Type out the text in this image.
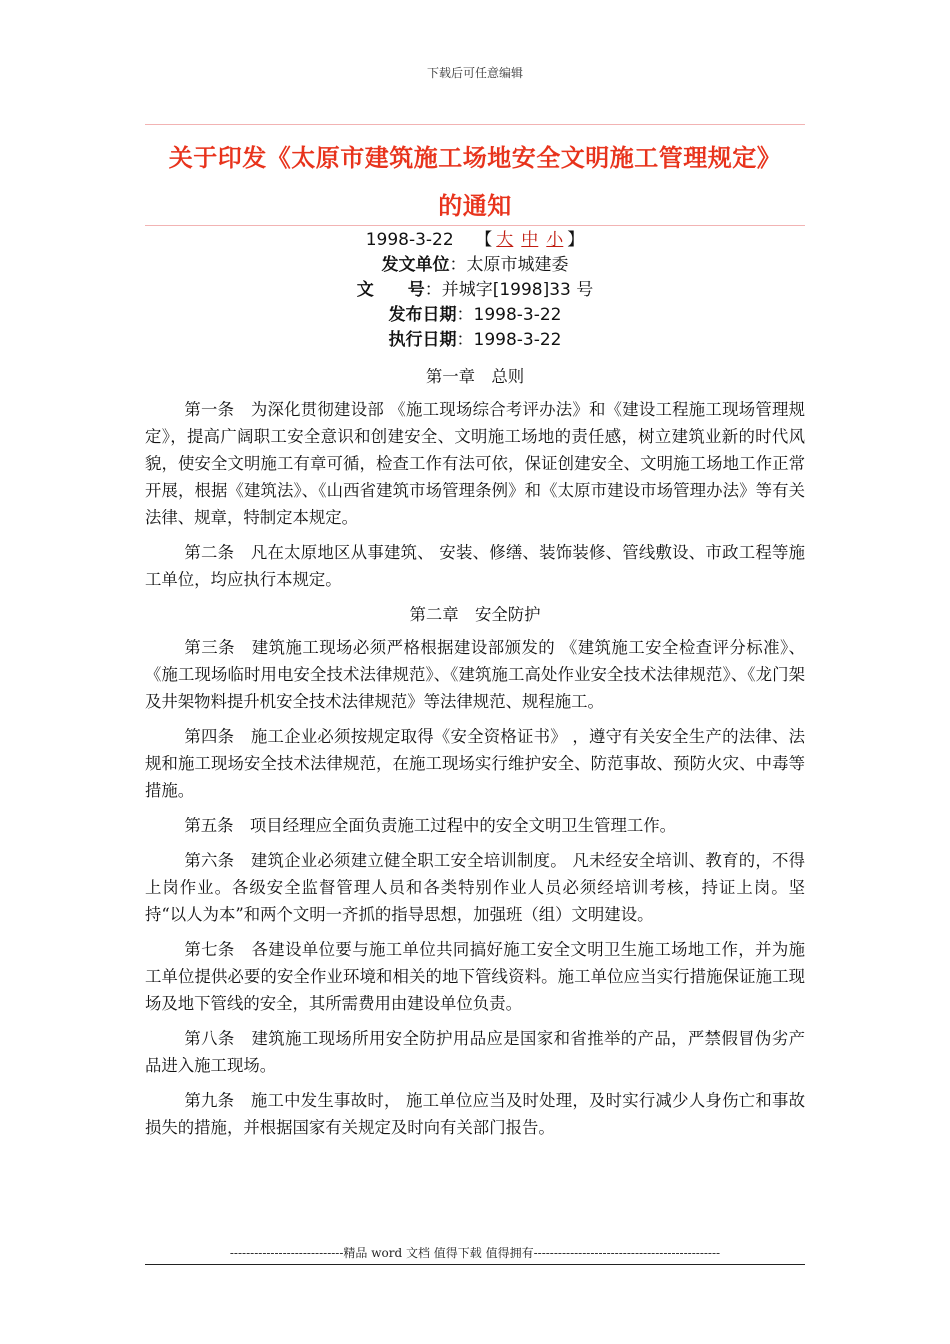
下载后可任意编辑
关于印发《太原市建筑施工场地安全文明施工管理规定》
的通知
1998-3-22 【 大 中 小 】
发文单位：太原市城建委
文　　号：并城字[1998]33 号
发布日期：1998-3-22
执行日期：1998-3-22

第一章　总则

第一条　为深化贯彻建设部 《施工现场综合考评办法》和《建设工程施工现场管理规定》，提高广阔职工安全意识和创建安全、文明施工场地的责任感，树立建筑业新的时代风貌，使安全文明施工有章可循，检查工作有法可依，保证创建安全、文明施工场地工作正常开展，根据《建筑法》、《山西省建筑市场管理条例》和《太原市建设市场管理办法》等有关法律、规章，特制定本规定。

第二条　凡在太原地区从事建筑、 安装、修缮、装饰装修、管线敷设、市政工程等施工单位，均应执行本规定。

第二章　安全防护

第三条　建筑施工现场必须严格根据建设部颁发的 《建筑施工安全检查评分标准》、《施工现场临时用电安全技术法律规范》、《建筑施工高处作业安全技术法律规范》、《龙门架及井架物料提升机安全技术法律规范》等法律规范、规程施工。

第四条　施工企业必须按规定取得《安全资格证书》 ，遵守有关安全生产的法律、法规和施工现场安全技术法律规范，在施工现场实行维护安全、防范事故、预防火灾、中毒等措施。

第五条　项目经理应全面负责施工过程中的安全文明卫生管理工作。

第六条　建筑企业必须建立健全职工安全培训制度。 凡未经安全培训、教育的，不得上岗作业。各级安全监督管理人员和各类特别作业人员必须经培训考核，持证上岗。坚持“以人为本”和两个文明一齐抓的指导思想，加强班（组）文明建设。

第七条　各建设单位要与施工单位共同搞好施工安全文明卫生施工场地工作，并为施工单位提供必要的安全作业环境和相关的地下管线资料。施工单位应当实行措施保证施工现场及地下管线的安全，其所需费用由建设单位负责。

第八条　建筑施工现场所用安全防护用品应是国家和省推举的产品，严禁假冒伪劣产品进入施工现场。

第九条　施工中发生事故时， 施工单位应当及时处理，及时实行减少人身伤亡和事故损失的措施，并根据国家有关规定及时向有关部门报告。

----------------------------精品 word 文档 值得下载 值得拥有----------------------------------------------
